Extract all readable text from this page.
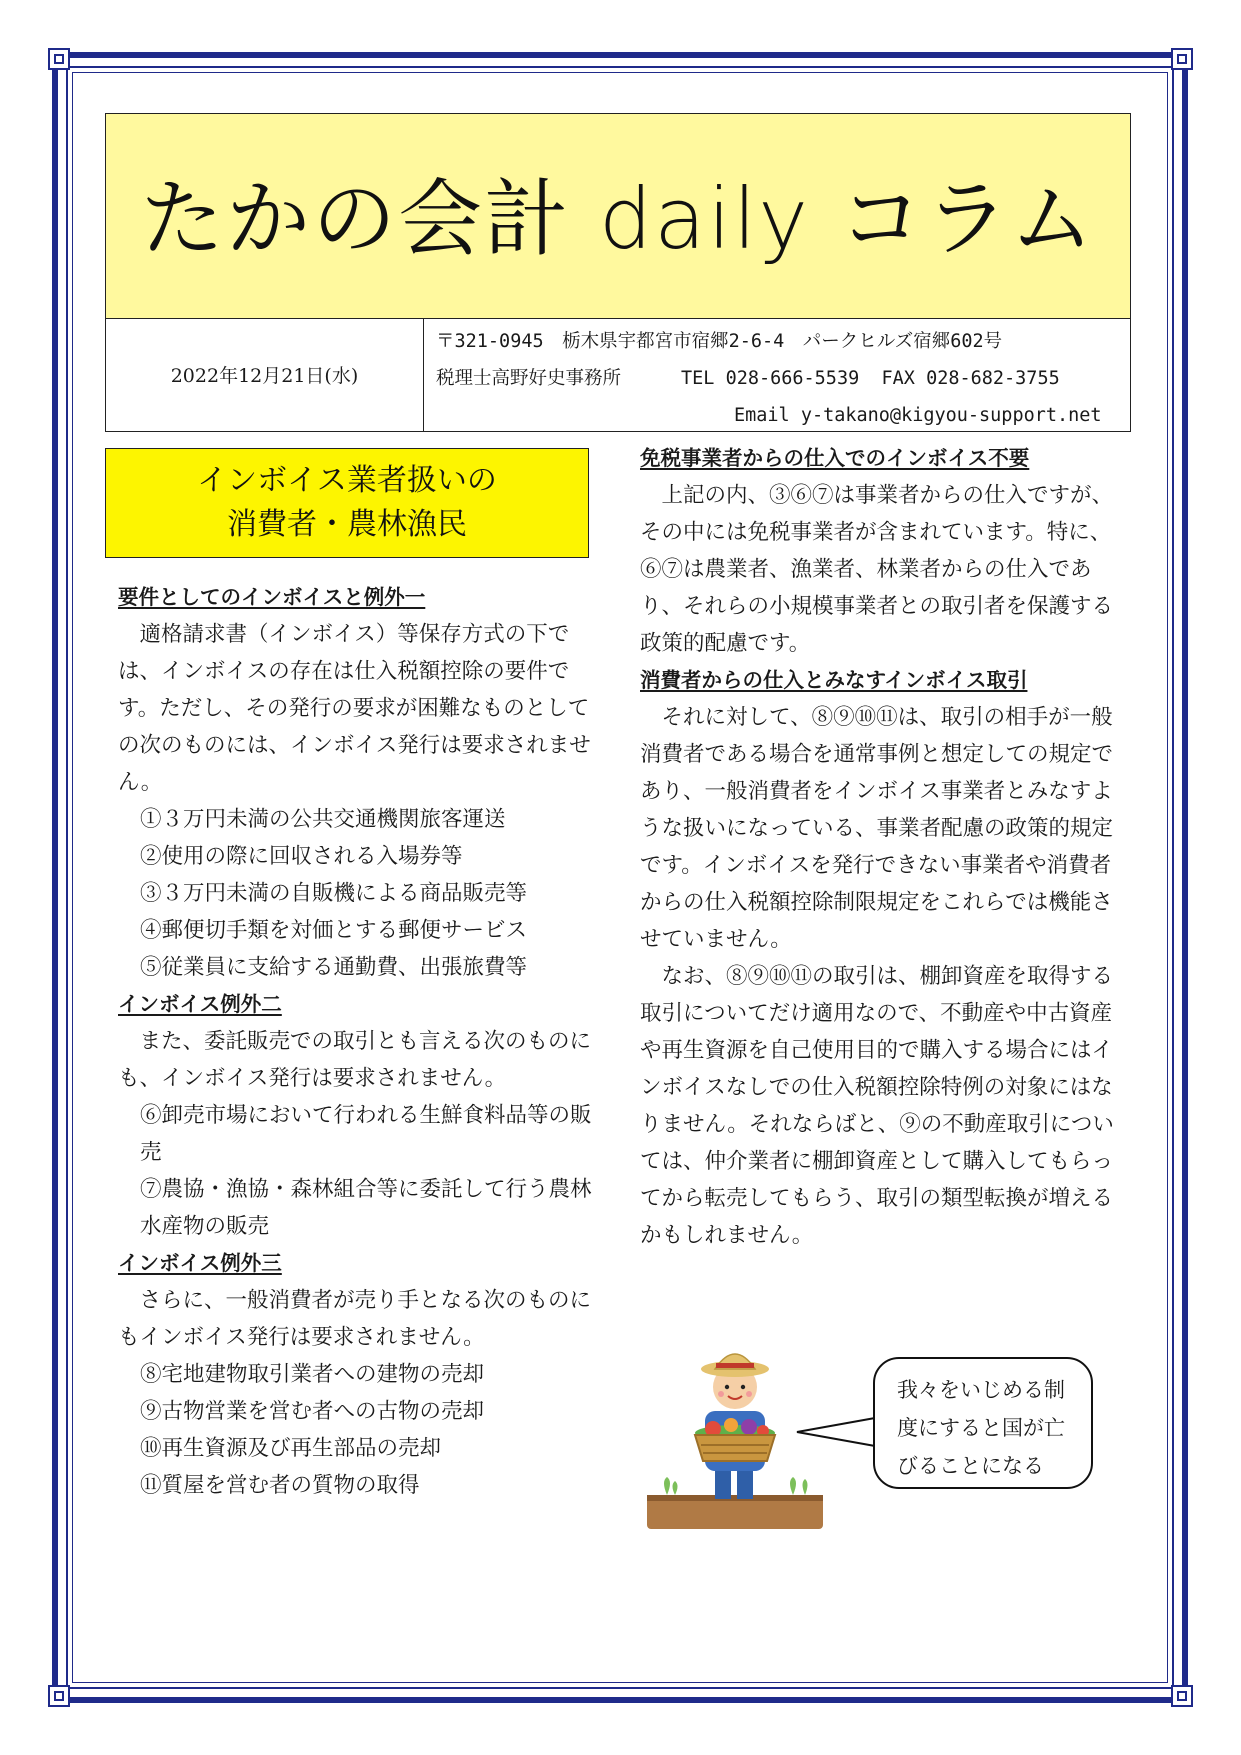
たかの会計 daily コラム
2022年12月21日(水)
〒321-0945　栃木県宇都宮市宿郷2-6-4　パークヒルズ宿郷602号
税理士高野好史事務所	TEL 028-666-5539 FAX 028-682-3755
Email y-takano@kigyou-support.net
インボイス業者扱いの
消費者・農林漁民

要件としてのインボイスと例外一

適格請求書（インボイス）等保存方式の下では、インボイスの存在は仕入税額控除の要件です。ただし、その発行の要求が困難なものとしての次のものには、インボイス発行は要求されません。

①３万円未満の公共交通機関旅客運送

②使用の際に回収される入場券等

③３万円未満の自販機による商品販売等

④郵便切手類を対価とする郵便サービス

⑤従業員に支給する通勤費、出張旅費等

インボイス例外二

また、委託販売での取引とも言える次のものにも、インボイス発行は要求されません。

⑥卸売市場において行われる生鮮食料品等の販売

⑦農協・漁協・森林組合等に委託して行う農林水産物の販売

インボイス例外三

さらに、一般消費者が売り手となる次のものにもインボイス発行は要求されません。

⑧宅地建物取引業者への建物の売却

⑨古物営業を営む者への古物の売却

⑩再生資源及び再生部品の売却

⑪質屋を営む者の質物の取得

免税事業者からの仕入でのインボイス不要

上記の内、③⑥⑦は事業者からの仕入ですが、その中には免税事業者が含まれています。特に、⑥⑦は農業者、漁業者、林業者からの仕入であり、それらの小規模事業者との取引者を保護する政策的配慮です。

消費者からの仕入とみなすインボイス取引

それに対して、⑧⑨⑩⑪は、取引の相手が一般消費者である場合を通常事例と想定しての規定であり、一般消費者をインボイス事業者とみなすような扱いになっている、事業者配慮の政策的規定です。インボイスを発行できない事業者や消費者からの仕入税額控除制限規定をこれらでは機能させていません。

なお、⑧⑨⑩⑪の取引は、棚卸資産を取得する取引についてだけ適用なので、不動産や中古資産や再生資源を自己使用目的で購入する場合にはインボイスなしでの仕入税額控除特例の対象にはなりません。それならばと、⑨の不動産取引については、仲介業者に棚卸資産として購入してもらってから転売してもらう、取引の類型転換が増えるかもしれません。

我々をいじめる制
度にすると国が亡
びることになる
